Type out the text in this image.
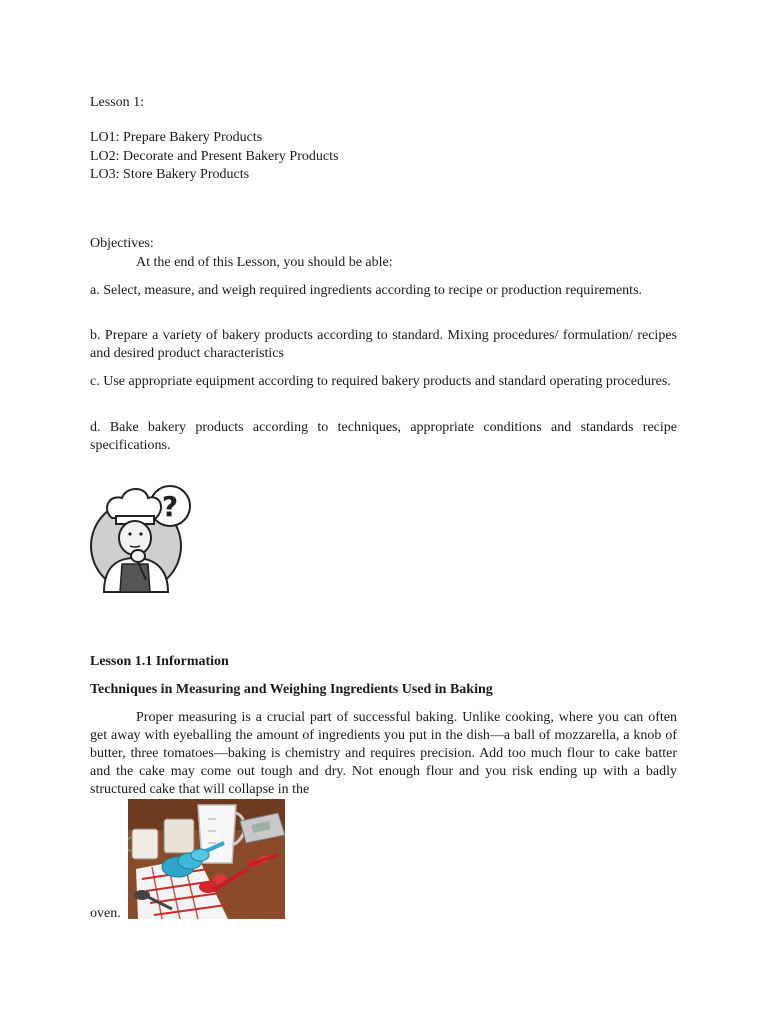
Lesson 1:
LO1: Prepare Bakery Products
LO2: Decorate and Present Bakery Products
LO3: Store Bakery Products
Objectives:
At the end of this Lesson, you should be able:
a. Select, measure, and weigh required ingredients according to recipe or production requirements.
b. Prepare a variety of bakery products according to standard. Mixing procedures/ formulation/ recipes and desired product characteristics
c. Use appropriate equipment according to required bakery products and standard operating procedures.
d. Bake bakery products according to techniques, appropriate conditions and standards recipe specifications.
?
Lesson 1.1 Information
Techniques in Measuring and Weighing Ingredients Used in Baking
Proper measuring is a crucial part of successful baking. Unlike cooking, where you can often get away with eyeballing the amount of ingredients you put in the dish—a ball of mozzarella, a knob of butter, three tomatoes—baking is chemistry and requires precision. Add too much flour to cake batter and the cake may come out tough and dry. Not enough flour and you risk ending up with a badly structured cake that will collapse in the
oven.
